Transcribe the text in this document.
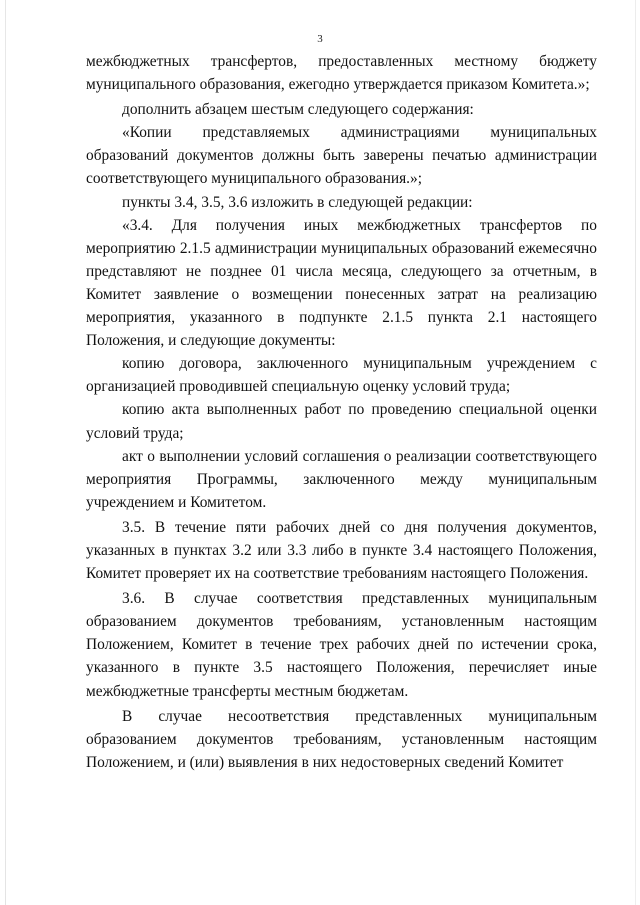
3

межбюджетных трансфертов, предоставленных местному бюджету муниципального образования, ежегодно утверждается приказом Комитета.»;

дополнить абзацем шестым следующего содержания:

«Копии представляемых администрациями муниципальных образований документов должны быть заверены печатью администрации соответствующего муниципального образования.»;

пункты 3.4, 3.5, 3.6 изложить в следующей редакции:

«3.4. Для получения иных межбюджетных трансфертов по мероприятию 2.1.5 администрации муниципальных образований ежемесячно представляют не позднее 01 числа месяца, следующего за отчетным, в Комитет заявление о возмещении понесенных затрат на реализацию мероприятия, указанного в подпункте 2.1.5 пункта 2.1 настоящего Положения, и следующие документы:

копию договора, заключенного муниципальным учреждением с организацией проводившей специальную оценку условий труда;

копию акта выполненных работ по проведению специальной оценки условий труда;

акт о выполнении условий соглашения о реализации соответствующего мероприятия Программы, заключенного между муниципальным учреждением и Комитетом.

3.5. В течение пяти рабочих дней со дня получения документов, указанных в пунктах 3.2 или 3.3 либо в пункте 3.4 настоящего Положения, Комитет проверяет их на соответствие требованиям настоящего Положения.

3.6. В случае соответствия представленных муниципальным образованием документов требованиям, установленным настоящим Положением, Комитет в течение трех рабочих дней по истечении срока, указанного в пункте 3.5 настоящего Положения, перечисляет иные межбюджетные трансферты местным бюджетам.

В случае несоответствия представленных муниципальным образованием документов требованиям, установленным настоящим Положением, и (или) выявления в них недостоверных сведений Комитет
